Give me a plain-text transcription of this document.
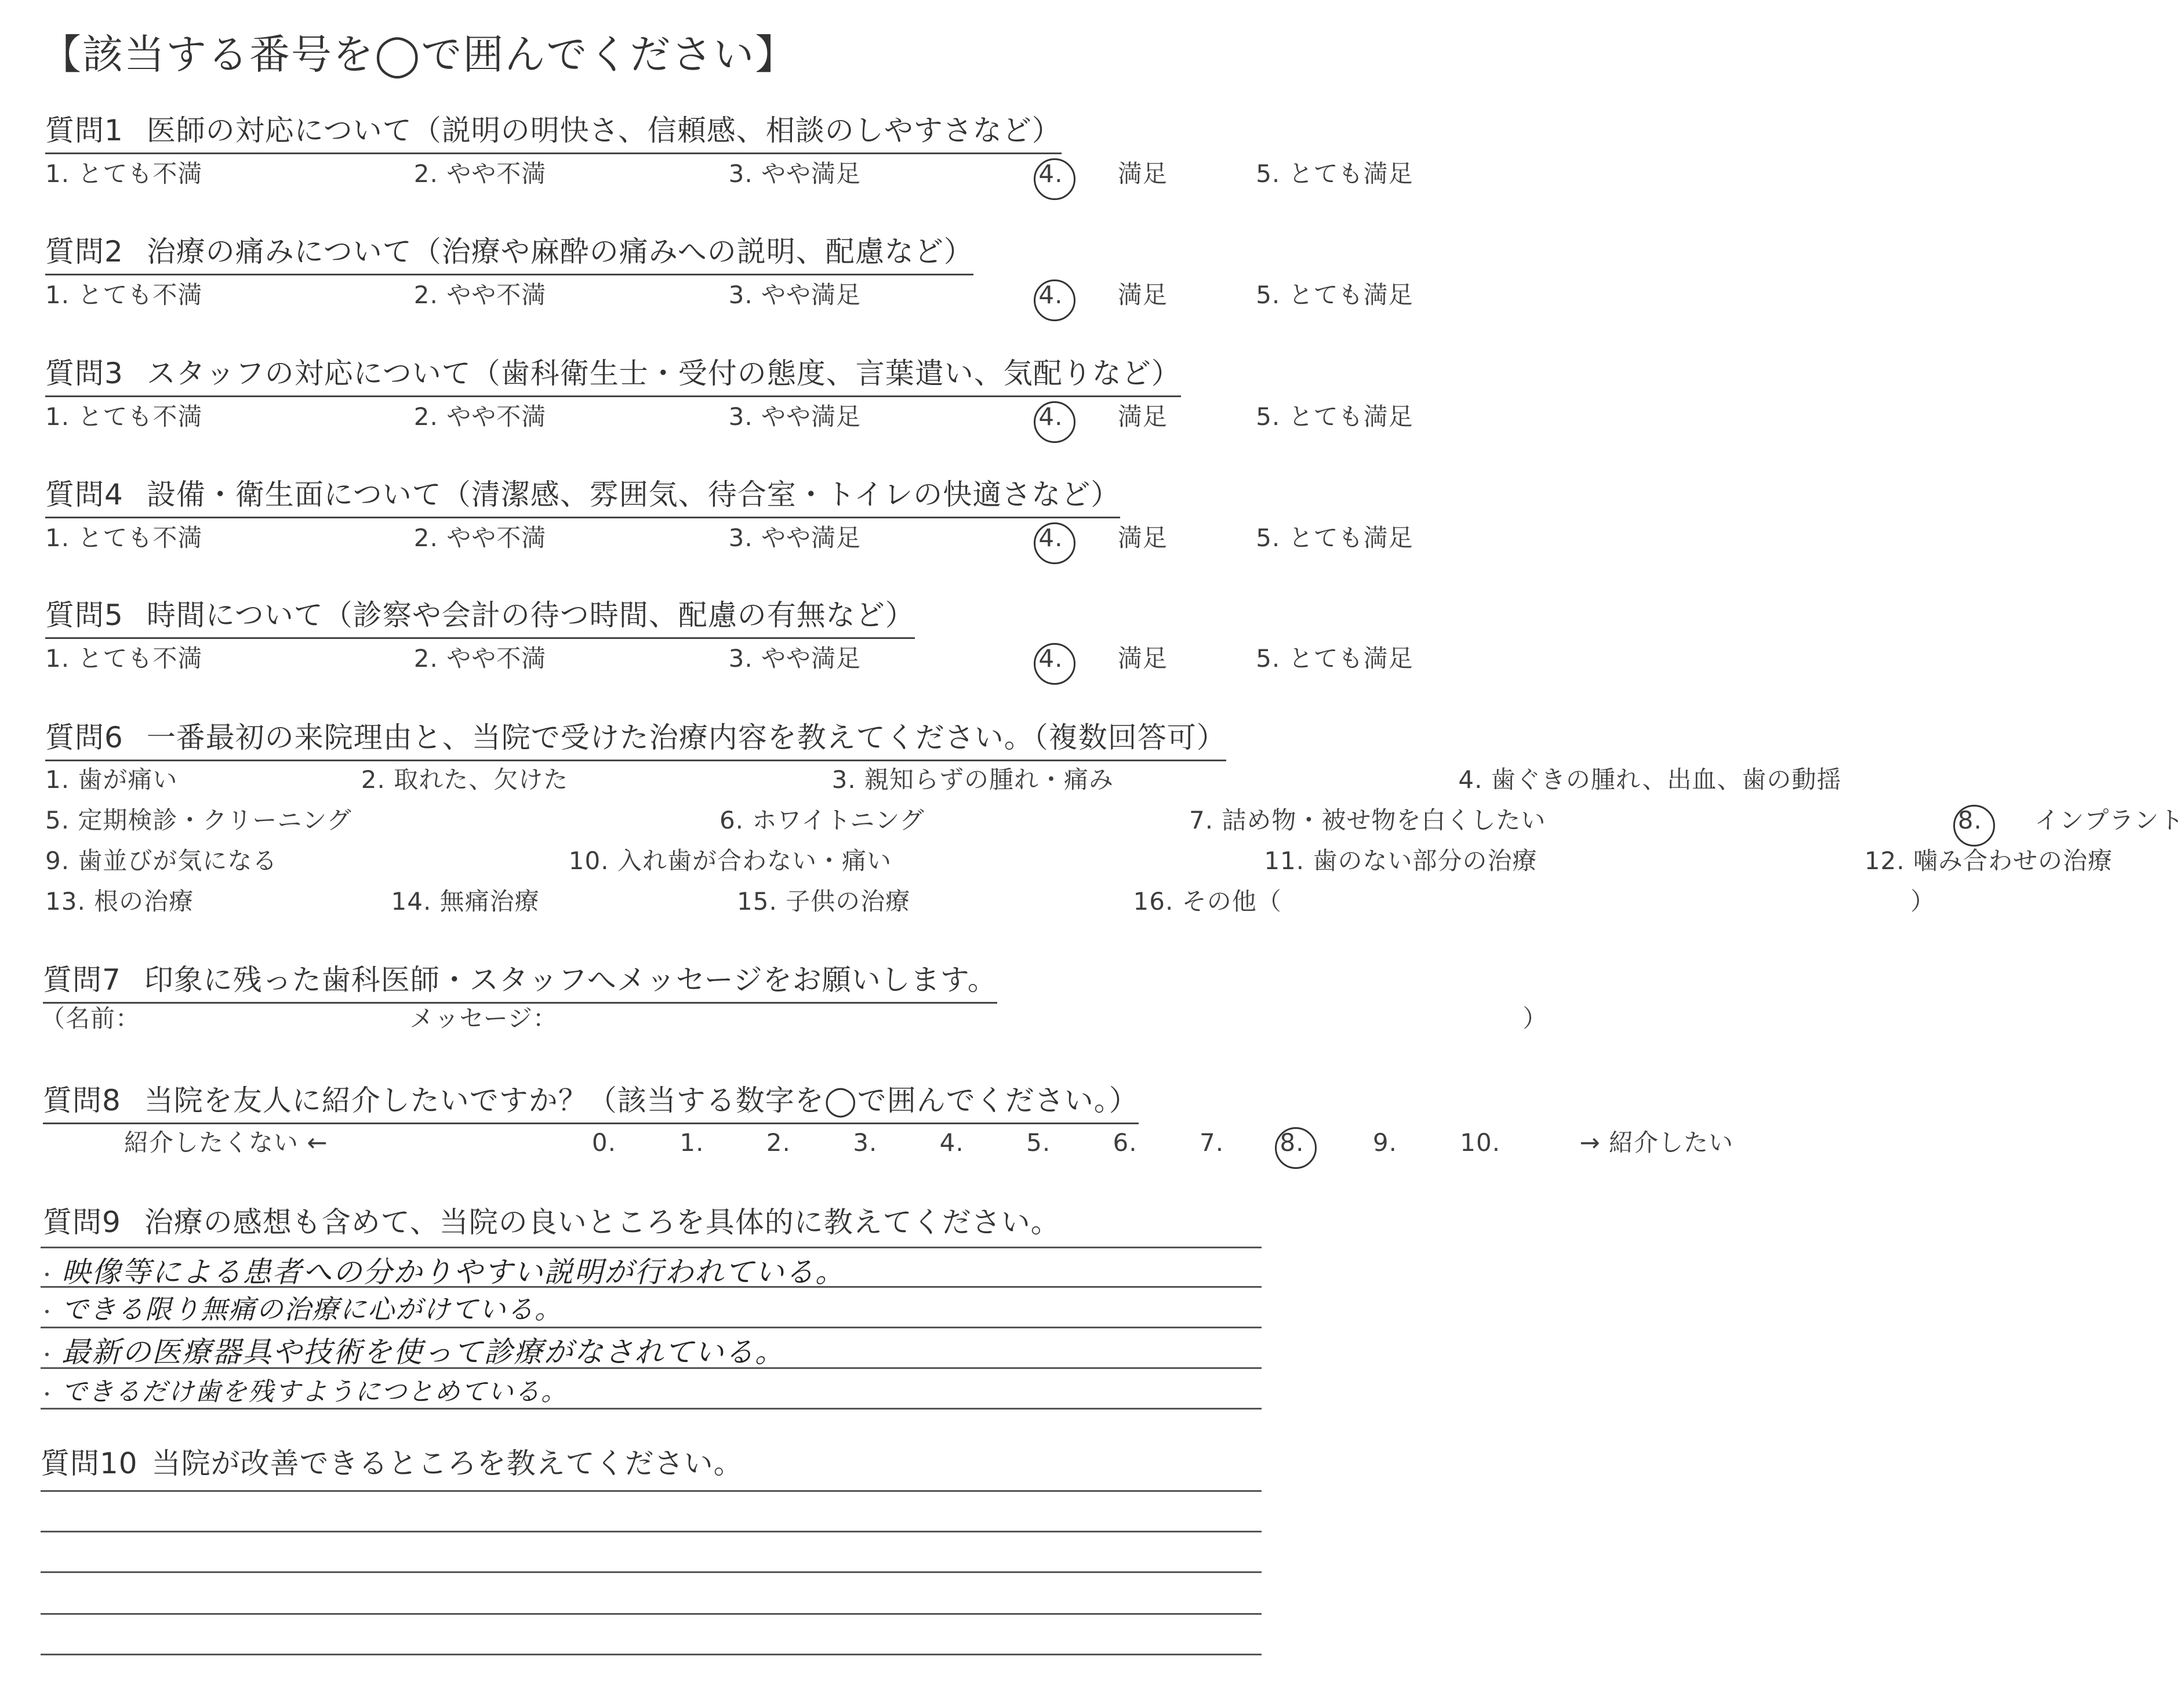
【該当する番号を◯で囲んでください】
質問1 医師の対応について（説明の明快さ、信頼感、相談のしやすさなど）
1. とても不満	2. やや不満	3. やや満足	4. 満足	5. とても満足
質問2 治療の痛みについて（治療や麻酔の痛みへの説明、配慮など）
1. とても不満	2. やや不満	3. やや満足	4. 満足	5. とても満足
質問3 スタッフの対応について（歯科衛生士・受付の態度、言葉遣い、気配りなど）
1. とても不満	2. やや不満	3. やや満足	4. 満足	5. とても満足
質問4 設備・衛生面について（清潔感、雰囲気、待合室・トイレの快適さなど）
1. とても不満	2. やや不満	3. やや満足	4. 満足	5. とても満足
質問5 時間について（診察や会計の待つ時間、配慮の有無など）
1. とても不満	2. やや不満	3. やや満足	4. 満足	5. とても満足
質問6 一番最初の来院理由と、当院で受けた治療内容を教えてください。（複数回答可）
1. 歯が痛い	2. 取れた、欠けた	3. 親知らずの腫れ・痛み	4. 歯ぐきの腫れ、出血、歯の動揺
5. 定期検診・クリーニング	6. ホワイトニング	7. 詰め物・被せ物を白くしたい	8. インプラント
9. 歯並びが気になる	10. 入れ歯が合わない・痛い	11. 歯のない部分の治療	12. 噛み合わせの治療
13. 根の治療	14. 無痛治療	15. 子供の治療	16. その他（	）
質問7 印象に残った歯科医師・スタッフへメッセージをお願いします。
（名前：	メッセージ：	）
質問8 当院を友人に紹介したいですか？（該当する数字を◯で囲んでください。）
紹介したくない ←	0.	1.	2.	3.	4.	5.	6.	7. 8.	9.	10.	→ 紹介したい
質問9 治療の感想も含めて、当院の良いところを具体的に教えてください。
映像等による患者への分かりやすい説明が行われている。
できる限り無痛の治療に心がけている。
最新の医療器具や技術を使って診療がなされている。
できるだけ歯を残すようにつとめている。
質問10 当院が改善できるところを教えてください。
